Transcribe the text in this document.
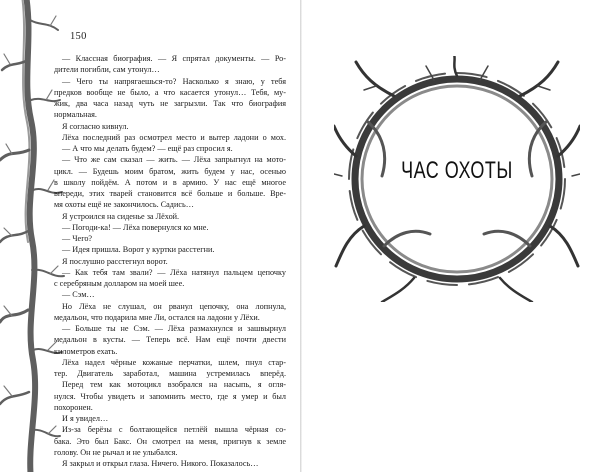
150
— Классная биография. — Я спрятал документы. — Ро-
дители погибли, сам утонул…
— Чего ты напрягаешься-то? Насколько я знаю, у тебя
предков вообще не было, а что касается утонул… Тебя, му-
жик, два часа назад чуть не загрызли. Так что биография
нормальная.
Я согласно кивнул.
Лёха последний раз осмотрел место и вытер ладони о мох.
— А что мы делать будем? — ещё раз спросил я.
— Что же сам сказал — жить. — Лёха запрыгнул на мото-
цикл. — Будешь моим братом, жить будем у нас, осенью
в школу пойдём. А потом и в армию. У нас ещё многое
впереди, этих тварей становится всё больше и больше. Вре-
мя охоты ещё не закончилось. Садись…
Я устроился на сиденье за Лёхой.
— Погоди-ка! — Лёха повернулся ко мне.
— Чего?
— Идея пришла. Ворот у куртки расстегни.
Я послушно расстегнул ворот.
— Как тебя там звали? — Лёха натянул пальцем цепочку
с серебряным долларом на моей шее.
— Сэм…
Но Лёха не слушал, он рванул цепочку, она лопнула,
медальон, что подарила мне Ли, остался на ладони у Лёхи.
— Больше ты не Сэм. — Лёха размахнулся и зашвырнул
медальон в кусты. — Теперь всё. Нам ещё почти двести
километров ехать.
Лёха надел чёрные кожаные перчатки, шлем, пнул стар-
тер. Двигатель заработал, машина устремилась вперёд.
Перед тем как мотоцикл взобрался на насыпь, я огля-
нулся. Чтобы увидеть и запомнить место, где я умер и был
похоронен.
И я увидел…
Из-за берёзы с болтающейся петлёй вышла чёрная со-
бака. Это был Бакс. Он смотрел на меня, пригнув к земле
голову. Он не рычал и не улыбался.
Я закрыл и открыл глаза. Ничего. Никого. Показалось…
ЧАС ОХОТЫ
